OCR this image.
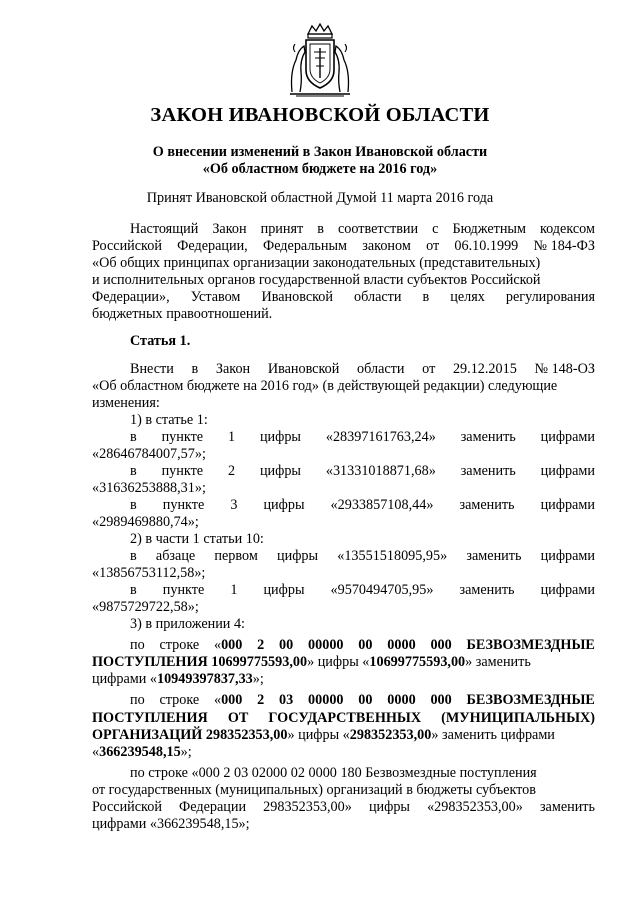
ЗАКОН ИВАНОВСКОЙ ОБЛАСТИ
О внесении изменений в Закон Ивановской области
«Об областном бюджете на 2016 год»
Принят Ивановской областной Думой 11 марта 2016 года
Настоящий Закон принят в соответствии с Бюджетным кодексом
Российской Федерации, Федеральным законом от 06.10.1999 № 184-ФЗ
«Об общих принципах организации законодательных (представительных)
и исполнительных органов государственной власти субъектов Российской
Федерации», Уставом Ивановской области в целях регулирования
бюджетных правоотношений.
Статья 1.
Внести в Закон Ивановской области от 29.12.2015 № 148-ОЗ
«Об областном бюджете на 2016 год» (в действующей редакции) следующие
изменения:
1) в статье 1:
в пункте 1 цифры «28397161763,24» заменить цифрами
«28646784007,57»;
в пункте 2 цифры «31331018871,68» заменить цифрами
«31636253888,31»;
в пункте 3 цифры «2933857108,44» заменить цифрами
«2989469880,74»;
2) в части 1 статьи 10:
в абзаце первом цифры «13551518095,95» заменить цифрами
«13856753112,58»;
в пункте 1 цифры «9570494705,95» заменить цифрами
«9875729722,58»;
3) в приложении 4:
по строке «000 2 00 00000 00 0000 000 БЕЗВОЗМЕЗДНЫЕ
ПОСТУПЛЕНИЯ 10699775593,00» цифры «10699775593,00» заменить
цифрами «10949397837,33»;
по строке «000 2 03 00000 00 0000 000 БЕЗВОЗМЕЗДНЫЕ
ПОСТУПЛЕНИЯ ОТ ГОСУДАРСТВЕННЫХ (МУНИЦИПАЛЬНЫХ)
ОРГАНИЗАЦИЙ 298352353,00» цифры «298352353,00» заменить цифрами
«366239548,15»;
по строке «000 2 03 02000 02 0000 180 Безвозмездные поступления
от государственных (муниципальных) организаций в бюджеты субъектов
Российской Федерации 298352353,00» цифры «298352353,00» заменить
цифрами «366239548,15»;
